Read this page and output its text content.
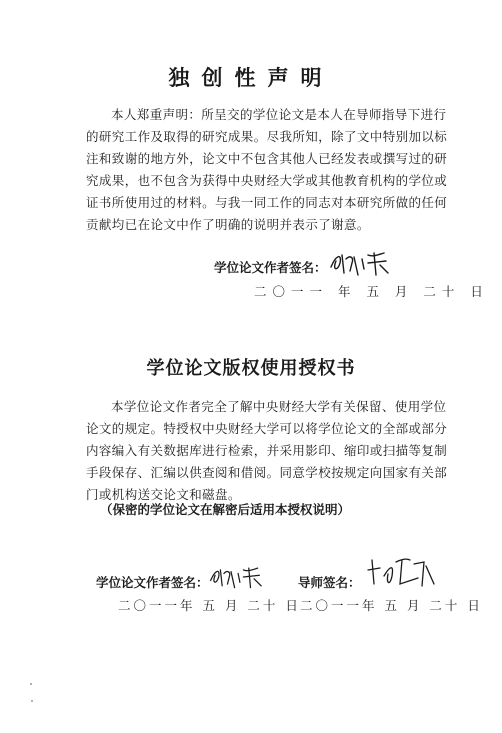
独创性声明
本人郑重声明：所呈交的学位论文是本人在导师指导下进行
的研究工作及取得的研究成果。尽我所知，除了文中特别加以标
注和致谢的地方外，论文中不包含其他人已经发表或撰写过的研
究成果，也不包含为获得中央财经大学或其他教育机构的学位或
证书所使用过的材料。与我一同工作的同志对本研究所做的任何
贡献均已在论文中作了明确的说明并表示了谢意。
学位论文作者签名：
二〇一一 年 五 月 二十 日
学位论文版权使用授权书
本学位论文作者完全了解中央财经大学有关保留、使用学位
论文的规定。特授权中央财经大学可以将学位论文的全部或部分
内容编入有关数据库进行检索，并采用影印、缩印或扫描等复制
手段保存、汇编以供查阅和借阅。同意学校按规定向国家有关部
门或机构送交论文和磁盘。
（保密的学位论文在解密后适用本授权说明）
学位论文作者签名：
二〇一一年 五 月 二十 日
导师签名：
二〇一一年 五 月 二十 日
